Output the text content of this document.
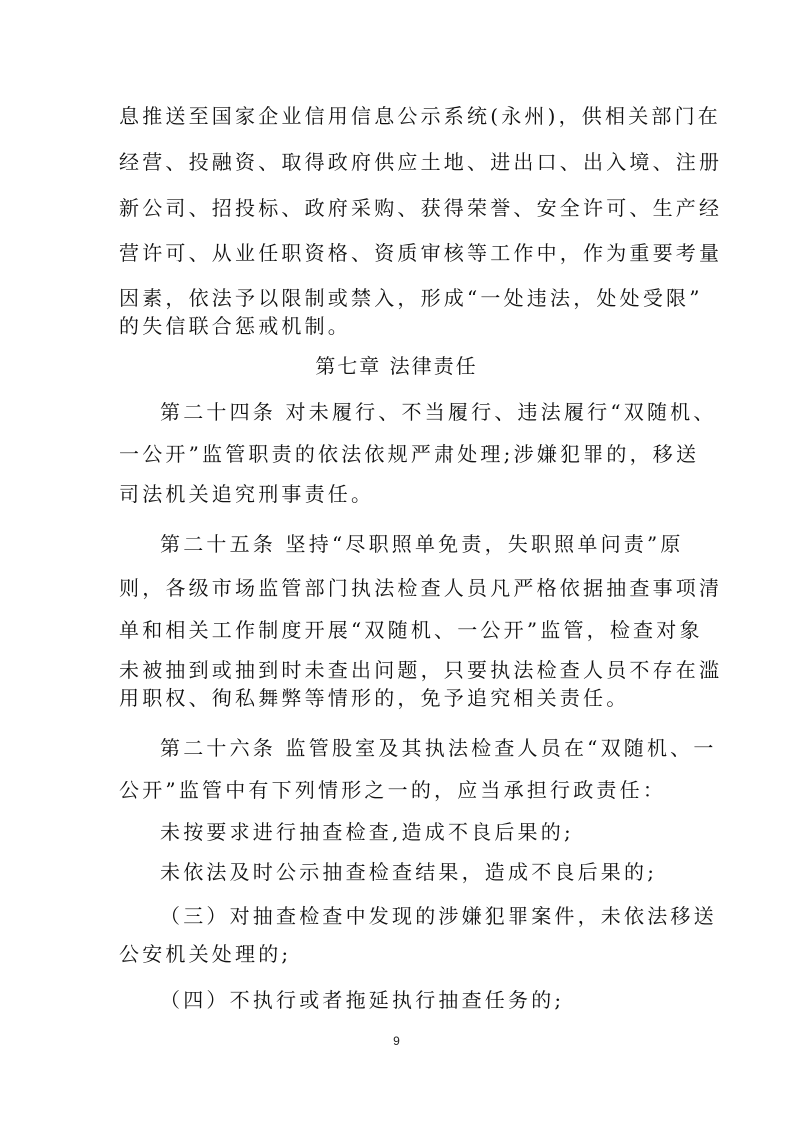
息推送至国家企业信用信息公示系统(永州)，供相关部门在
经营、投融资、取得政府供应土地、进出口、出入境、注册
新公司、招投标、政府采购、获得荣誉、安全许可、生产经
营许可、从业任职资格、资质审核等工作中，作为重要考量
因素，依法予以限制或禁入，形成“一处违法，处处受限”
的失信联合惩戒机制。
第七章 法律责任
第二十四条 对未履行、不当履行、违法履行“双随机、
一公开”监管职责的依法依规严肃处理;涉嫌犯罪的，移送
司法机关追究刑事责任。
第二十五条 坚持“尽职照单免责，失职照单问责”原
则，各级市场监管部门执法检查人员凡严格依据抽查事项清
单和相关工作制度开展“双随机、一公开”监管，检查对象
未被抽到或抽到时未查出问题，只要执法检查人员不存在滥
用职权、徇私舞弊等情形的，免予追究相关责任。
第二十六条 监管股室及其执法检查人员在“双随机、一
公开”监管中有下列情形之一的，应当承担行政责任：
未按要求进行抽查检查,造成不良后果的;
未依法及时公示抽查检查结果，造成不良后果的;
（三）对抽查检查中发现的涉嫌犯罪案件，未依法移送
公安机关处理的;
（四）不执行或者拖延执行抽查任务的;
9
